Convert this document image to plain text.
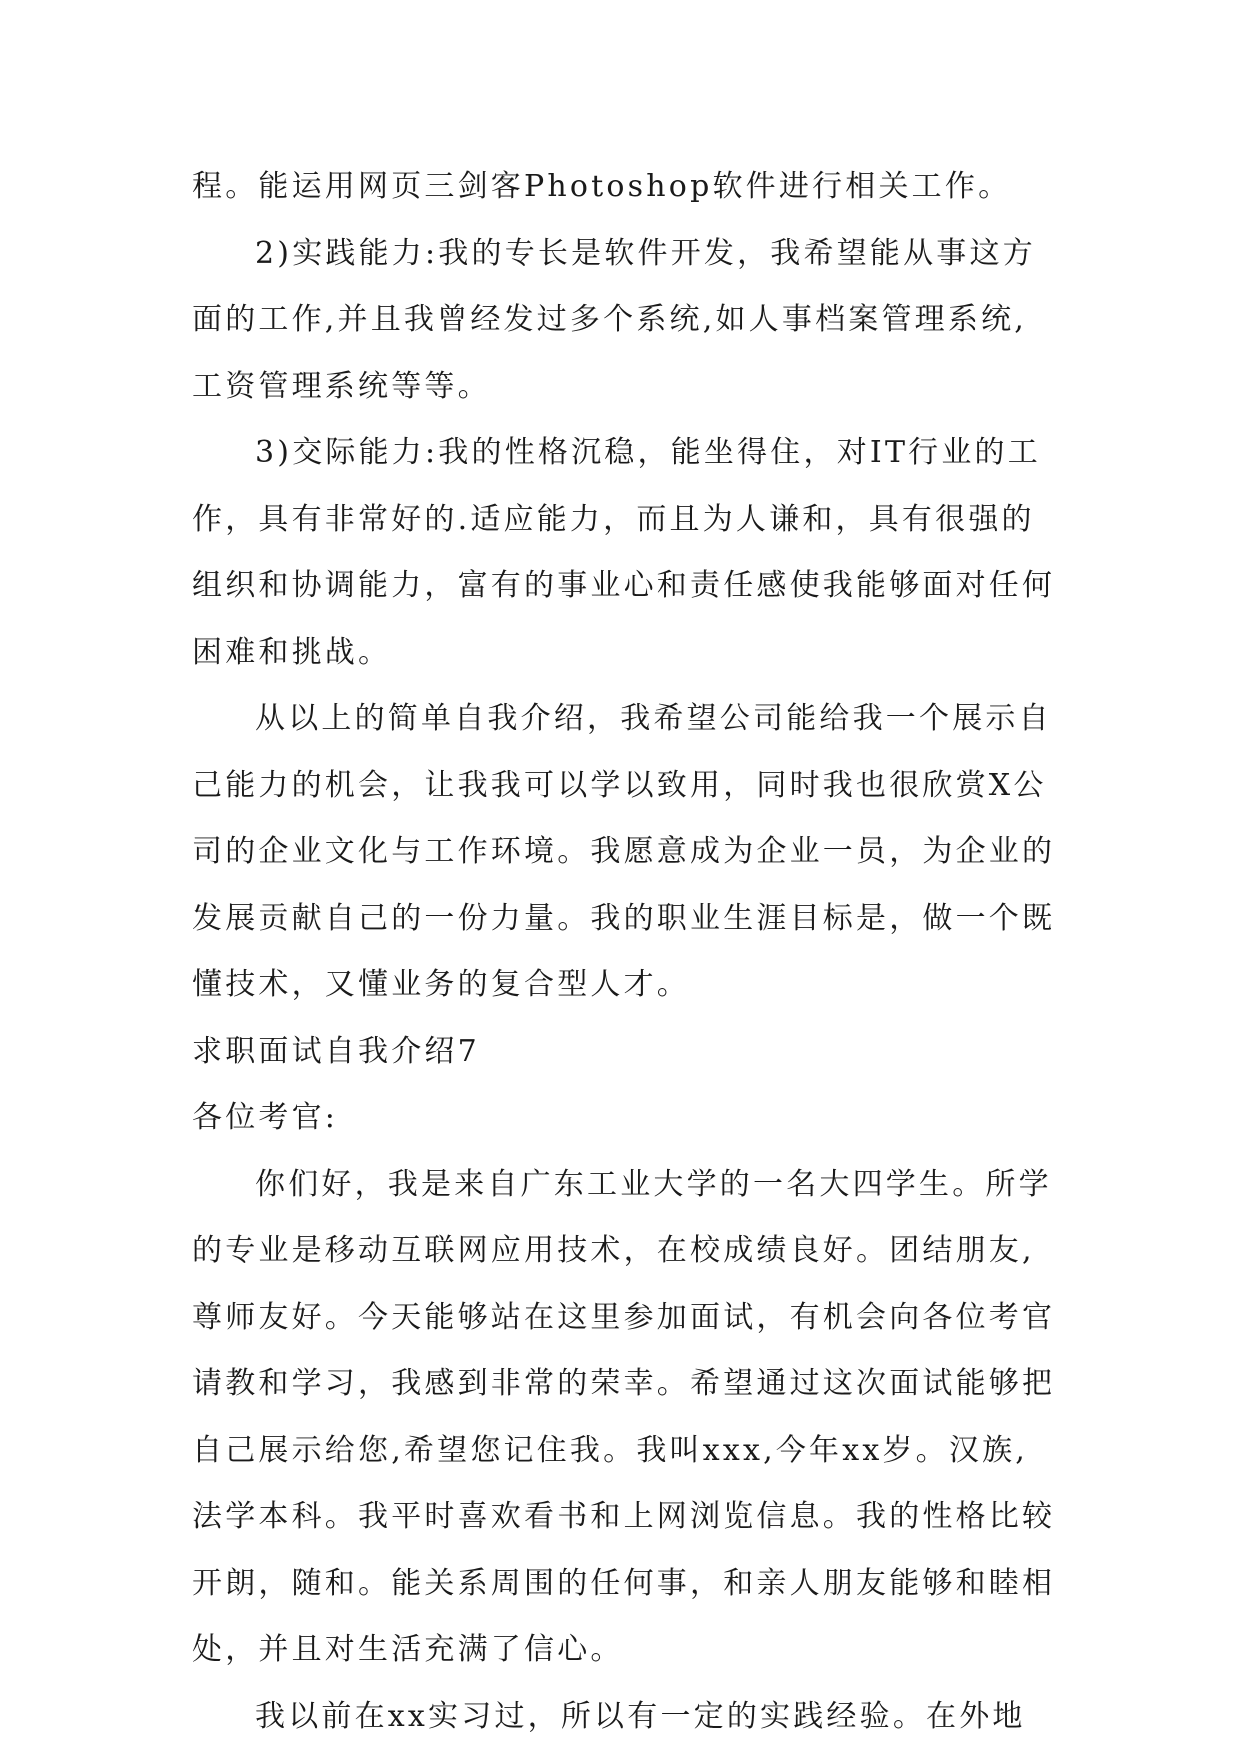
程。能运用网页三剑客Photoshop软件进行相关工作。
2)实践能力:我的专长是软件开发，我希望能从事这方
面的工作,并且我曾经发过多个系统,如人事档案管理系统,
工资管理系统等等。
3)交际能力:我的性格沉稳，能坐得住，对IT行业的工
作，具有非常好的.适应能力，而且为人谦和，具有很强的
组织和协调能力，富有的事业心和责任感使我能够面对任何
困难和挑战。
从以上的简单自我介绍，我希望公司能给我一个展示自
己能力的机会，让我我可以学以致用，同时我也很欣赏X公
司的企业文化与工作环境。我愿意成为企业一员，为企业的
发展贡献自己的一份力量。我的职业生涯目标是，做一个既
懂技术，又懂业务的复合型人才。
求职面试自我介绍7
各位考官:
你们好，我是来自广东工业大学的一名大四学生。所学
的专业是移动互联网应用技术，在校成绩良好。团结朋友,
尊师友好。今天能够站在这里参加面试，有机会向各位考官
请教和学习，我感到非常的荣幸。希望通过这次面试能够把
自己展示给您,希望您记住我。我叫xxx,今年xx岁。汉族,
法学本科。我平时喜欢看书和上网浏览信息。我的性格比较
开朗，随和。能关系周围的任何事，和亲人朋友能够和睦相
处，并且对生活充满了信心。
我以前在xx实习过，所以有一定的实践经验。在外地
